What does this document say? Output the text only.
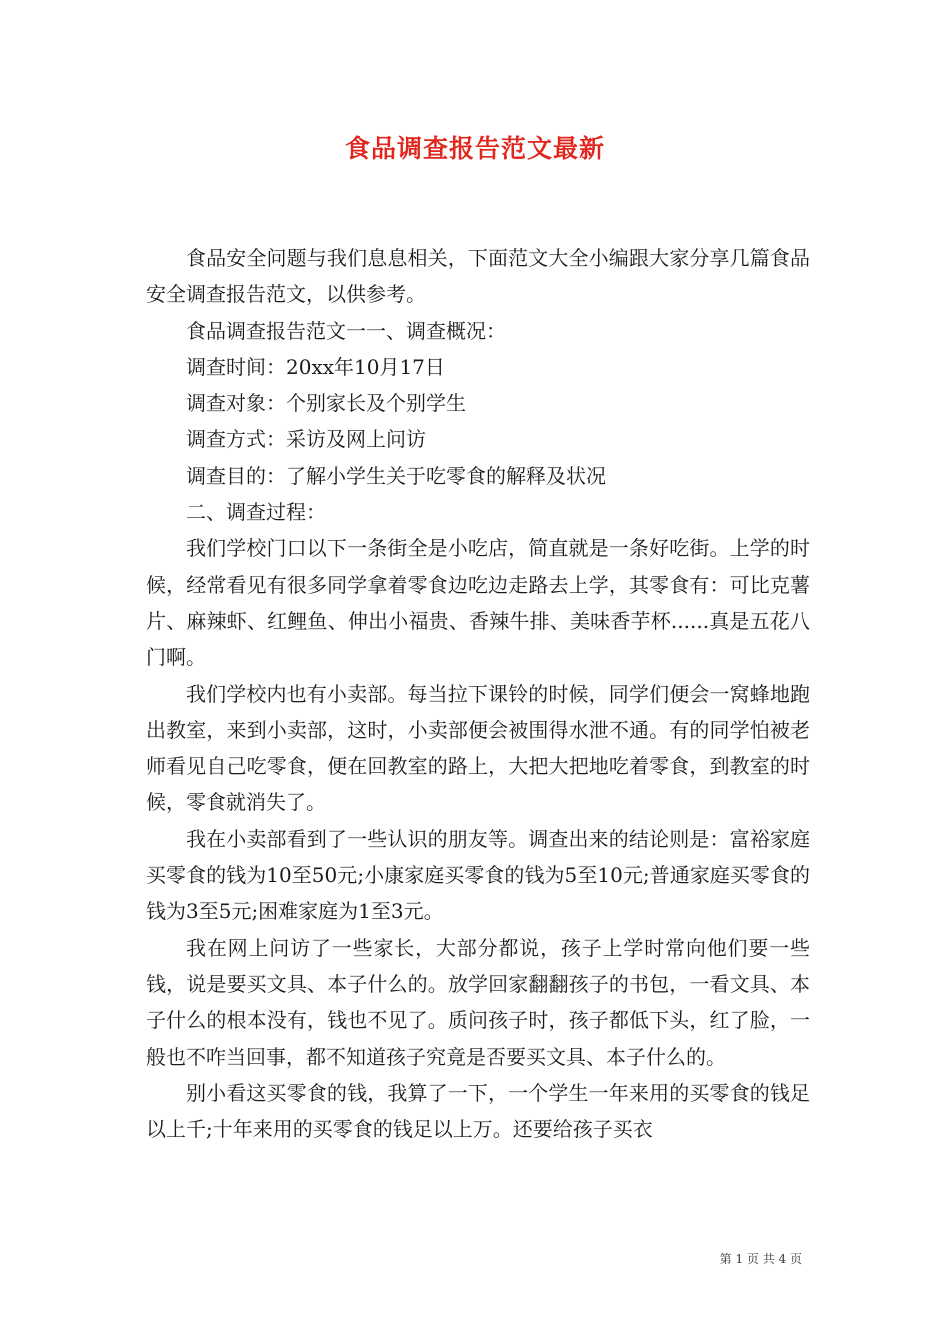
食品调查报告范文最新

食品安全问题与我们息息相关，下面范文大全小编跟大家分享几篇食品安全调查报告范文，以供参考。

食品调查报告范文一一、调查概况：

调查时间：20xx年10月17日

调查对象：个别家长及个别学生

调查方式：采访及网上问访

调查目的：了解小学生关于吃零食的解释及状况

二、调查过程：

我们学校门口以下一条街全是小吃店，简直就是一条好吃街。上学的时候，经常看见有很多同学拿着零食边吃边走路去上学，其零食有：可比克薯片、麻辣虾、红鲤鱼、伸出小福贵、香辣牛排、美味香芋杯......真是五花八门啊。

我们学校内也有小卖部。每当拉下课铃的时候，同学们便会一窝蜂地跑出教室，来到小卖部，这时，小卖部便会被围得水泄不通。有的同学怕被老师看见自己吃零食，便在回教室的路上，大把大把地吃着零食，到教室的时候，零食就消失了。

我在小卖部看到了一些认识的朋友等。调查出来的结论则是：富裕家庭买零食的钱为10至50元;小康家庭买零食的钱为5至10元;普通家庭买零食的钱为3至5元;困难家庭为1至3元。

我在网上问访了一些家长，大部分都说，孩子上学时常向他们要一些钱，说是要买文具、本子什么的。放学回家翻翻孩子的书包，一看文具、本子什么的根本没有，钱也不见了。质问孩子时，孩子都低下头，红了脸，一般也不咋当回事，都不知道孩子究竟是否要买文具、本子什么的。

别小看这买零食的钱，我算了一下，一个学生一年来用的买零食的钱足以上千;十年来用的买零食的钱足以上万。还要给孩子买衣

第 1 页 共 4 页
